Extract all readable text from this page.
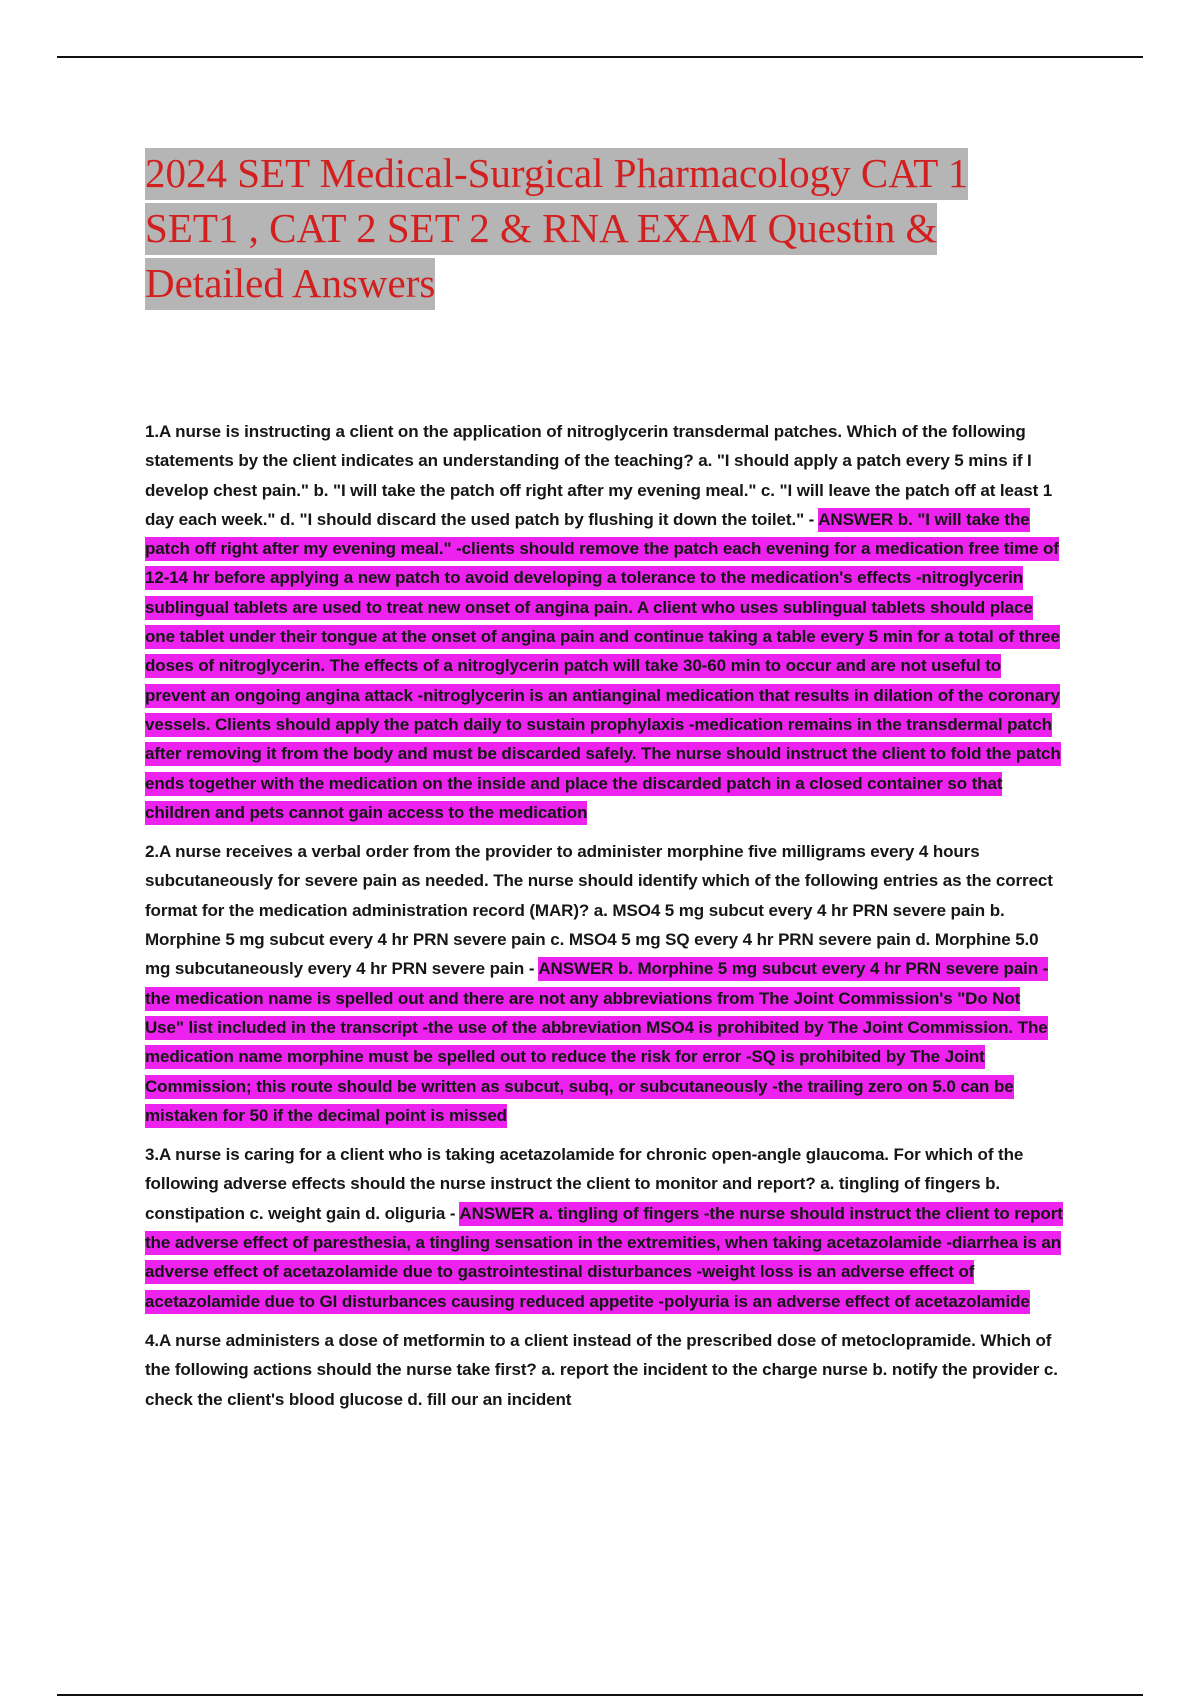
2024 SET Medical-Surgical Pharmacology CAT 1 SET1 , CAT 2 SET 2 & RNA EXAM Questin & Detailed Answers

1.A nurse is instructing a client on the application of nitroglycerin transdermal patches. Which of the following statements by the client indicates an understanding of the teaching? a. "I should apply a patch every 5 mins if I develop chest pain." b. "I will take the patch off right after my evening meal." c. "I will leave the patch off at least 1 day each week." d. "I should discard the used patch by flushing it down the toilet." - ANSWER b. "I will take the patch off right after my evening meal." -clients should remove the patch each evening for a medication free time of 12-14 hr before applying a new patch to avoid developing a tolerance to the medication's effects -nitroglycerin sublingual tablets are used to treat new onset of angina pain. A client who uses sublingual tablets should place one tablet under their tongue at the onset of angina pain and continue taking a table every 5 min for a total of three doses of nitroglycerin. The effects of a nitroglycerin patch will take 30-60 min to occur and are not useful to prevent an ongoing angina attack -nitroglycerin is an antianginal medication that results in dilation of the coronary vessels. Clients should apply the patch daily to sustain prophylaxis -medication remains in the transdermal patch after removing it from the body and must be discarded safely. The nurse should instruct the client to fold the patch ends together with the medication on the inside and place the discarded patch in a closed container so that children and pets cannot gain access to the medication

2.A nurse receives a verbal order from the provider to administer morphine five milligrams every 4 hours subcutaneously for severe pain as needed. The nurse should identify which of the following entries as the correct format for the medication administration record (MAR)? a. MSO4 5 mg subcut every 4 hr PRN severe pain b. Morphine 5 mg subcut every 4 hr PRN severe pain c. MSO4 5 mg SQ every 4 hr PRN severe pain d. Morphine 5.0 mg subcutaneously every 4 hr PRN severe pain - ANSWER b. Morphine 5 mg subcut every 4 hr PRN severe pain -the medication name is spelled out and there are not any abbreviations from The Joint Commission's "Do Not Use" list included in the transcript -the use of the abbreviation MSO4 is prohibited by The Joint Commission. The medication name morphine must be spelled out to reduce the risk for error -SQ is prohibited by The Joint Commission; this route should be written as subcut, subq, or subcutaneously -the trailing zero on 5.0 can be mistaken for 50 if the decimal point is missed

3.A nurse is caring for a client who is taking acetazolamide for chronic open-angle glaucoma. For which of the following adverse effects should the nurse instruct the client to monitor and report? a. tingling of fingers b. constipation c. weight gain d. oliguria - ANSWER a. tingling of fingers -the nurse should instruct the client to report the adverse effect of paresthesia, a tingling sensation in the extremities, when taking acetazolamide -diarrhea is an adverse effect of acetazolamide due to gastrointestinal disturbances -weight loss is an adverse effect of acetazolamide due to GI disturbances causing reduced appetite -polyuria is an adverse effect of acetazolamide

4.A nurse administers a dose of metformin to a client instead of the prescribed dose of metoclopramide. Which of the following actions should the nurse take first? a. report the incident to the charge nurse b. notify the provider c. check the client's blood glucose d. fill our an incident
